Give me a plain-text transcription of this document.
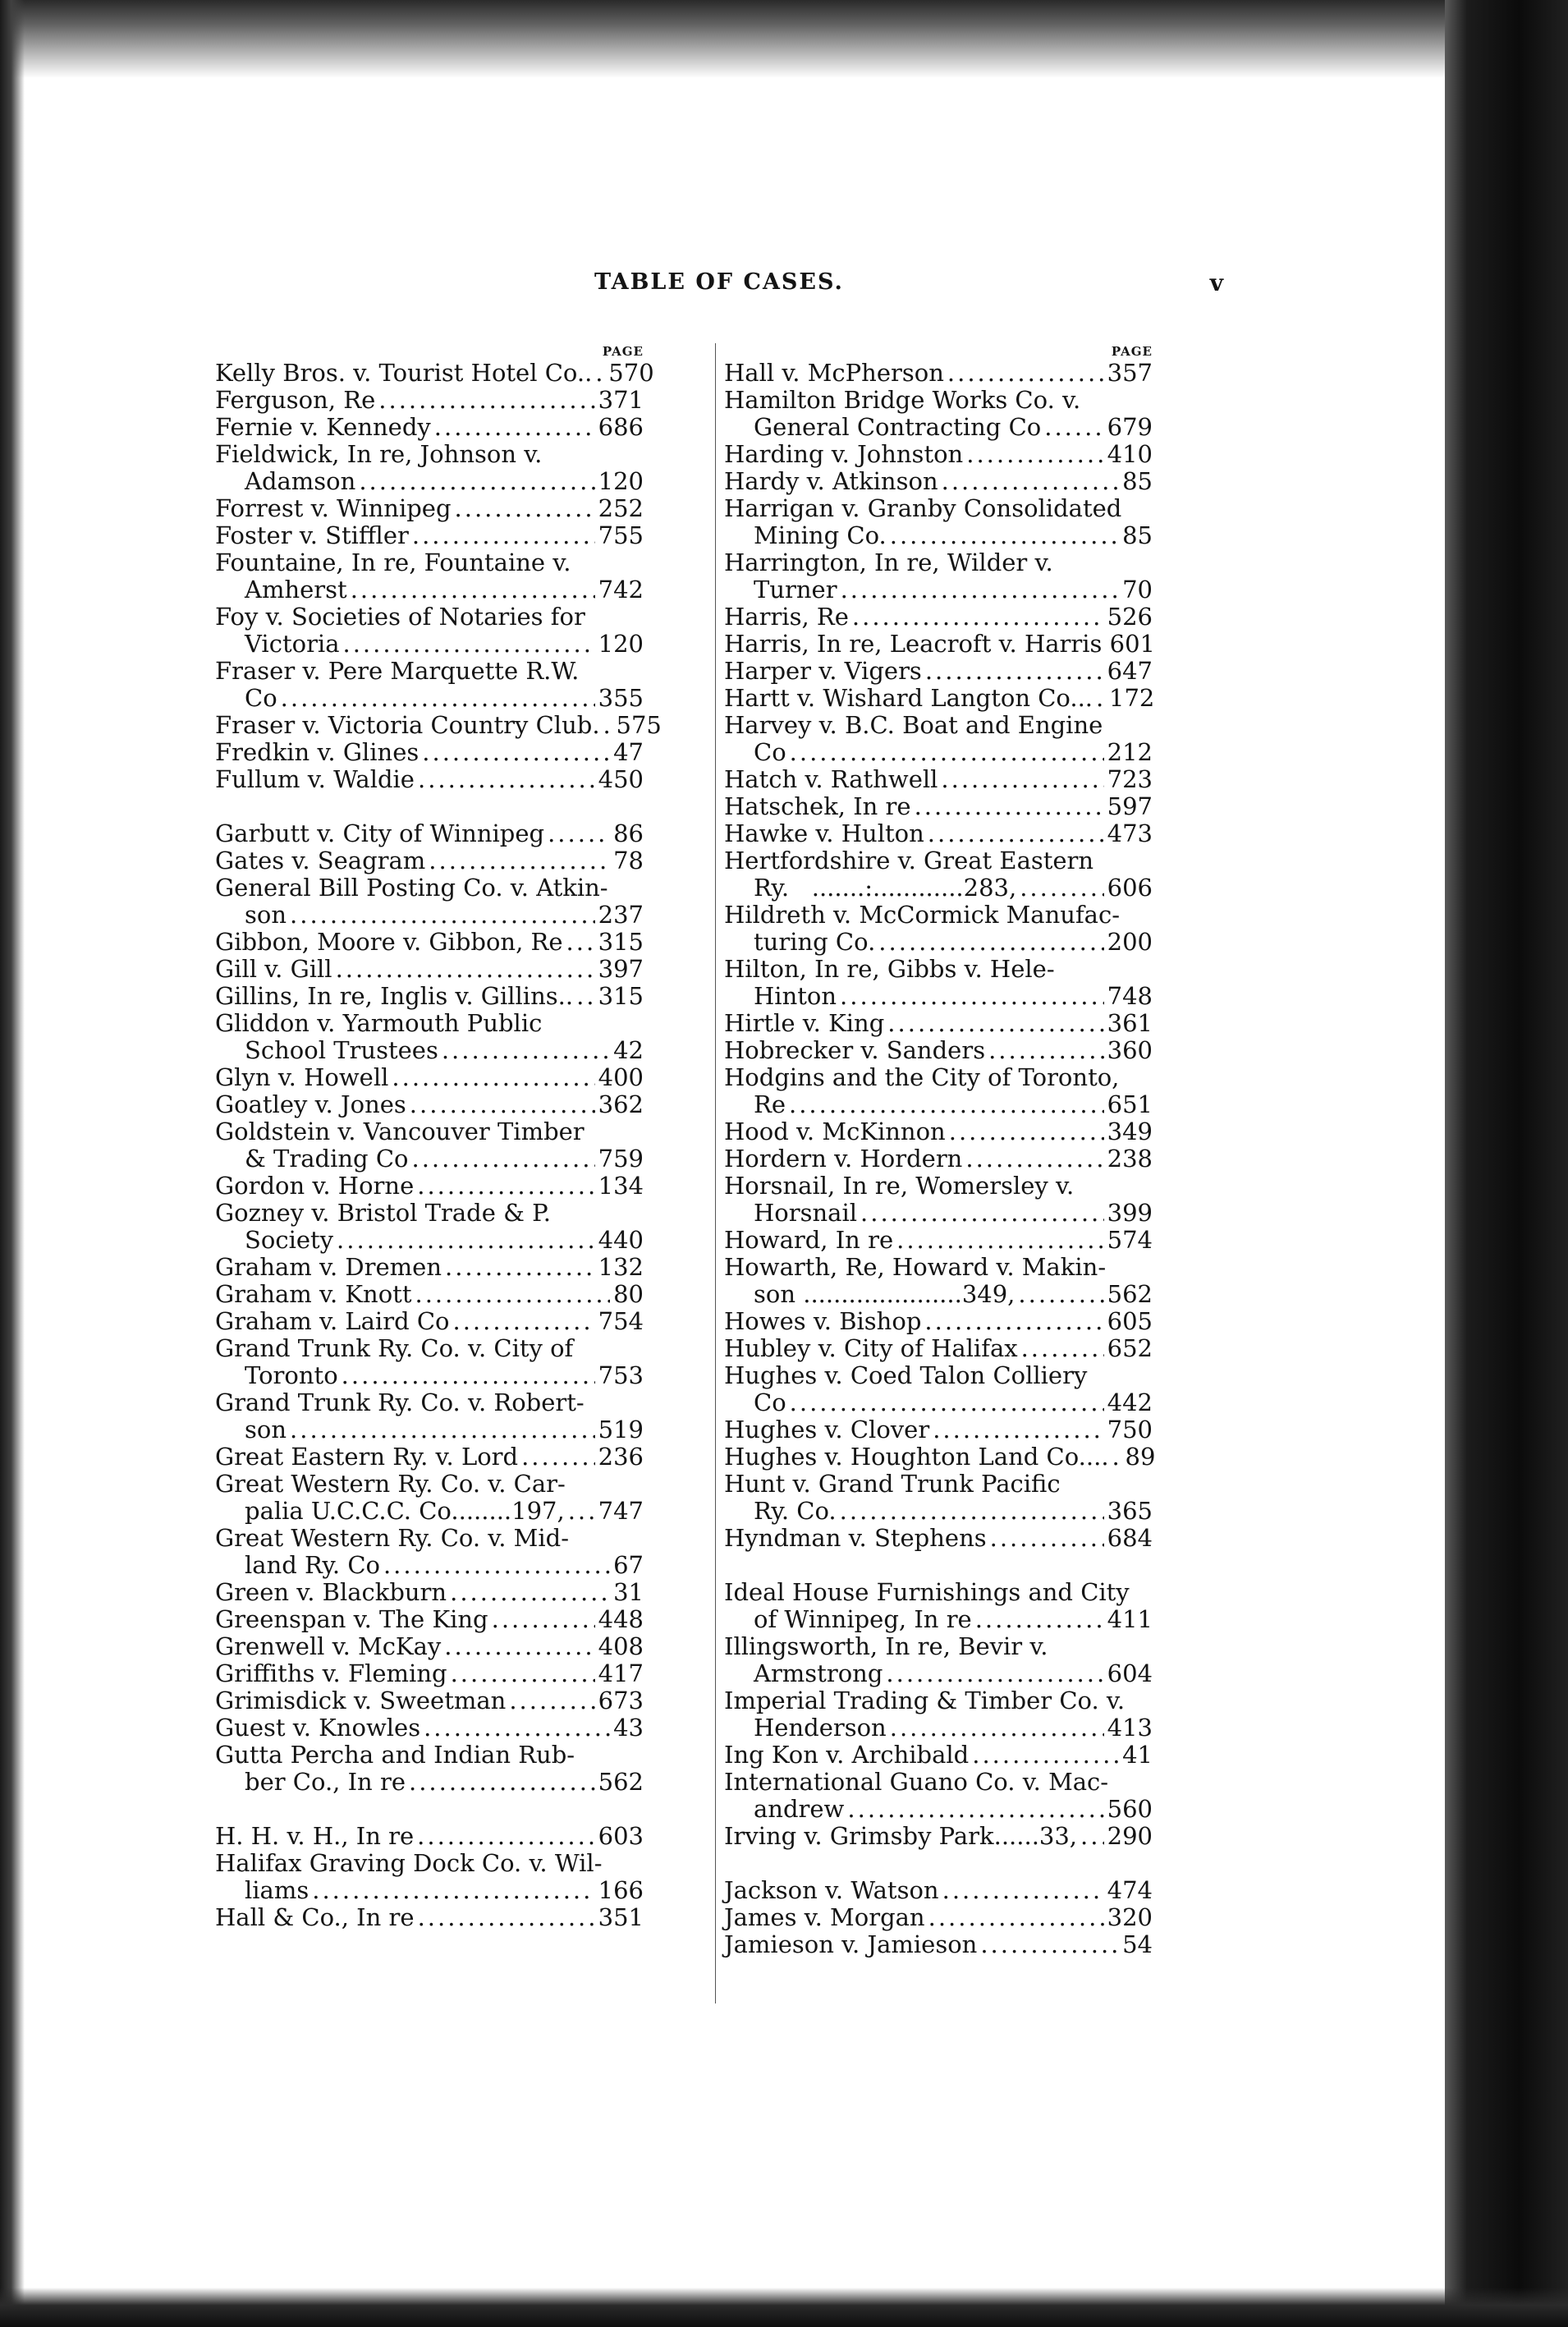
TABLE OF CASES.	v
PAGE
Kelly Bros. v. Tourist Hotel Co.. ..... 570
Ferguson, Re .....	371
Fernie v. Kennedy .....	686
Fieldwick, In re, Johnson v.
Adamson .....	120
Forrest v. Winnipeg .....	252
Foster v. Stiffler .....	755
Fountaine, In re, Fountaine v.
Amherst .....	742
Foy v. Societies of Notaries for
Victoria .....	120
Fraser v. Pere Marquette R.W.
Co .....	355
Fraser v. Victoria Country Club. ..... 575
Fredkin v. Glines .....	47
Fullum v. Waldie .....	450
Garbutt v. City of Winnipeg .....	86
Gates v. Seagram .....	78
General Bill Posting Co. v. Atkin-
son .....	237
Gibbon, Moore v. Gibbon, Re ..... 315
Gill v. Gill .....	397
Gillins, In re, Inglis v. Gillins.. ..... 315
Gliddon v. Yarmouth Public
School Trustees .....	42
Glyn v. Howell .....	400
Goatley v. Jones .....	362
Goldstein v. Vancouver Timber
& Trading Co .....	759
Gordon v. Horne .....	134
Gozney v. Bristol Trade & P.
Society .....	440
Graham v. Dremen .....	132
Graham v. Knott .....	80
Graham v. Laird Co .....	754
Grand Trunk Ry. Co. v. City of
Toronto .....	753
Grand Trunk Ry. Co. v. Robert-
son .....	519
Great Eastern Ry. v. Lord .....	236
Great Western Ry. Co. v. Car-
palia U.C.C.C. Co........197, ..... 747
Great Western Ry. Co. v. Mid-
land Ry. Co .....	67
Green v. Blackburn .....	31
Greenspan v. The King .....	448
Grenwell v. McKay .....	408
Griffiths v. Fleming .....	417
Grimisdick v. Sweetman .....	673
Guest v. Knowles .....	43
Gutta Percha and Indian Rub-
ber Co., In re .....	562
H. H. v. H., In re .....	603
Halifax Graving Dock Co. v. Wil-
liams .....	166
Hall & Co., In re .....	351
PAGE
Hall v. McPherson .....	357
Hamilton Bridge Works Co. v.
General Contracting Co .....	679
Harding v. Johnston .....	410
Hardy v. Atkinson .....	85
Harrigan v. Granby Consolidated
Mining Co. .....	85
Harrington, In re, Wilder v.
Turner .....	70
Harris, Re .....	526
Harris, In re, Leacroft v. Harris 601
Harper v. Vigers .....	647
Hartt v. Wishard Langton Co... ..... 172
Harvey v. B.C. Boat and Engine
Co .....	212
Hatch v. Rathwell .....	723
Hatschek, In re .....	597
Hawke v. Hulton .....	473
Hertfordshire v. Great Eastern
Ry.   .......:............283, .....	606
Hildreth v. McCormick Manufac-
turing Co. .....	200
Hilton, In re, Gibbs v. Hele-
Hinton .....	748
Hirtle v. King .....	361
Hobrecker v. Sanders .....	360
Hodgins and the City of Toronto,
Re .....	651
Hood v. McKinnon .....	349
Hordern v. Hordern .....	238
Horsnail, In re, Womersley v.
Horsnail .....	399
Howard, In re .....	574
Howarth, Re, Howard v. Makin-
son .....................349, .....	562
Howes v. Bishop .....	605
Hubley v. City of Halifax .....	652
Hughes v. Coed Talon Colliery
Co .....	442
Hughes v. Clover .....	750
Hughes v. Houghton Land Co.... ..... 89
Hunt v. Grand Trunk Pacific
Ry. Co. .....	365
Hyndman v. Stephens .....	684
Ideal House Furnishings and City
of Winnipeg, In re .....	411
Illingsworth, In re, Bevir v.
Armstrong .....	604
Imperial Trading & Timber Co. v.
Henderson .....	413
Ing Kon v. Archibald .....	41
International Guano Co. v. Mac-
andrew .....	560
Irving v. Grimsby Park......33, ..... 290
Jackson v. Watson .....	474
James v. Morgan .....	320
Jamieson v. Jamieson .....	54
